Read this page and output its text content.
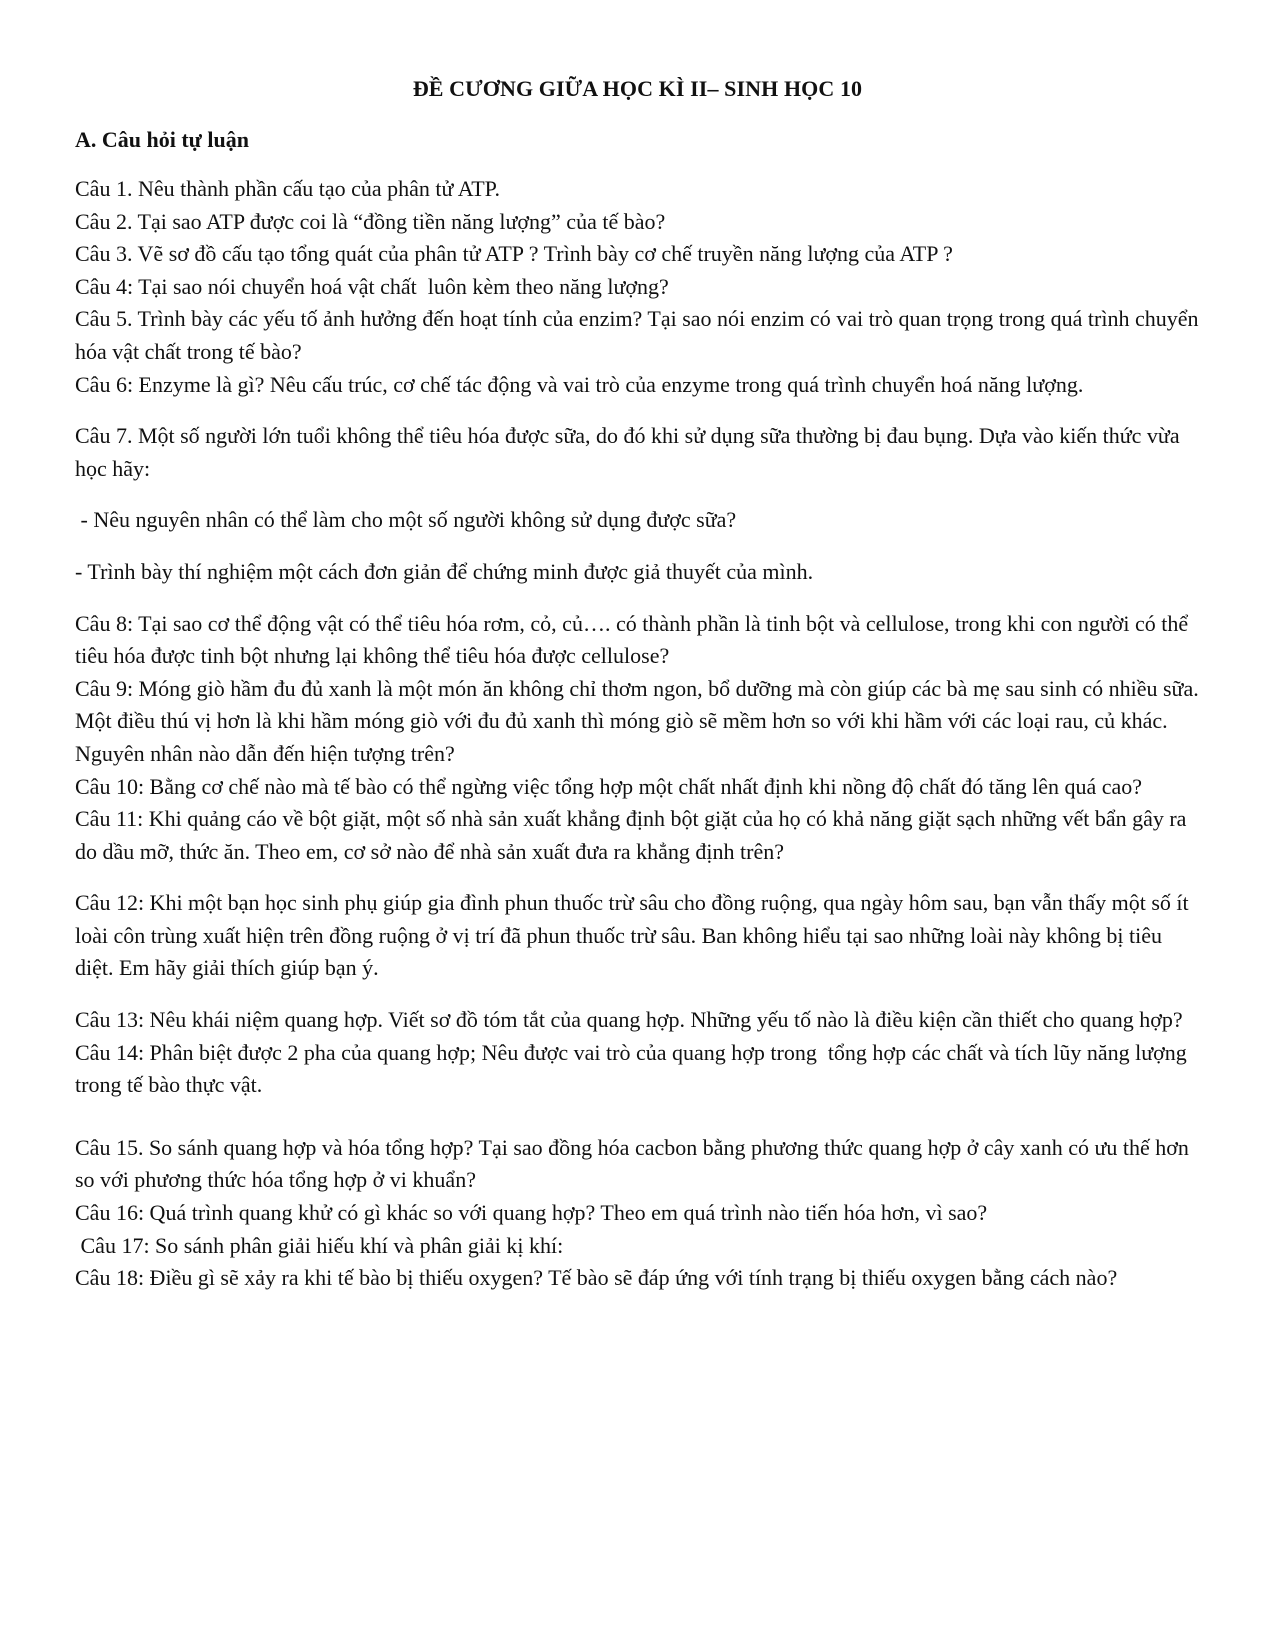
ĐỀ CƯƠNG GIỮA HỌC KÌ II– SINH HỌC 10
A. Câu hỏi tự luận

Câu 1. Nêu thành phần cấu tạo của phân tử ATP.

Câu 2. Tại sao ATP được coi là “đồng tiền năng lượng” của tế bào?

Câu 3. Vẽ sơ đồ cấu tạo tổng quát của phân tử ATP ? Trình bày cơ chế truyền năng lượng của ATP ?

Câu 4: Tại sao nói chuyển hoá vật chất  luôn kèm theo năng lượng?

Câu 5. Trình bày các yếu tố ảnh hưởng đến hoạt tính của enzim? Tại sao nói enzim có vai trò quan trọng trong quá trình chuyển hóa vật chất trong tế bào?

Câu 6: Enzyme là gì? Nêu cấu trúc, cơ chế tác động và vai trò của enzyme trong quá trình chuyển hoá năng lượng.

Câu 7. Một số người lớn tuổi không thể tiêu hóa được sữa, do đó khi sử dụng sữa thường bị đau bụng. Dựa vào kiến thức vừa học hãy:

- Nêu nguyên nhân có thể làm cho một số người không sử dụng được sữa?

- Trình bày thí nghiệm một cách đơn giản để chứng minh được giả thuyết của mình.

Câu 8: Tại sao cơ thể động vật có thể tiêu hóa rơm, cỏ, củ…. có thành phần là tinh bột và cellulose, trong khi con người có thể tiêu hóa được tinh bột nhưng lại không thể tiêu hóa được cellulose?

Câu 9: Móng giò hầm đu đủ xanh là một món ăn không chỉ thơm ngon, bổ dưỡng mà còn giúp các bà mẹ sau sinh có nhiều sữa. Một điều thú vị hơn là khi hầm móng giò với đu đủ xanh thì móng giò sẽ mềm hơn so với khi hầm với các loại rau, củ khác. Nguyên nhân nào dẫn đến hiện tượng trên?

Câu 10: Bằng cơ chế nào mà tế bào có thể ngừng việc tổng hợp một chất nhất định khi nồng độ chất đó tăng lên quá cao?

Câu 11: Khi quảng cáo về bột giặt, một số nhà sản xuất khẳng định bột giặt của họ có khả năng giặt sạch những vết bẩn gây ra do dầu mỡ, thức ăn. Theo em, cơ sở nào để nhà sản xuất đưa ra khẳng định trên?

Câu 12: Khi một bạn học sinh phụ giúp gia đình phun thuốc trừ sâu cho đồng ruộng, qua ngày hôm sau, bạn vẫn thấy một số ít loài côn trùng xuất hiện trên đồng ruộng ở vị trí đã phun thuốc trừ sâu. Ban không hiểu tại sao những loài này không bị tiêu diệt. Em hãy giải thích giúp bạn ý.

Câu 13: Nêu khái niệm quang hợp. Viết sơ đồ tóm tắt của quang hợp. Những yếu tố nào là điều kiện cần thiết cho quang hợp?

Câu 14: Phân biệt được 2 pha của quang hợp; Nêu được vai trò của quang hợp trong  tổng hợp các chất và tích lũy năng lượng trong tế bào thực vật.

Câu 15. So sánh quang hợp và hóa tổng hợp? Tại sao đồng hóa cacbon bằng phương thức quang hợp ở cây xanh có ưu thế hơn so với phương thức hóa tổng hợp ở vi khuẩn?

Câu 16: Quá trình quang khử có gì khác so với quang hợp? Theo em quá trình nào tiến hóa hơn, vì sao?

Câu 17: So sánh phân giải hiếu khí và phân giải kị khí:

Câu 18: Điều gì sẽ xảy ra khi tế bào bị thiếu oxygen? Tế bào sẽ đáp ứng với tính trạng bị thiếu oxygen bằng cách nào?
